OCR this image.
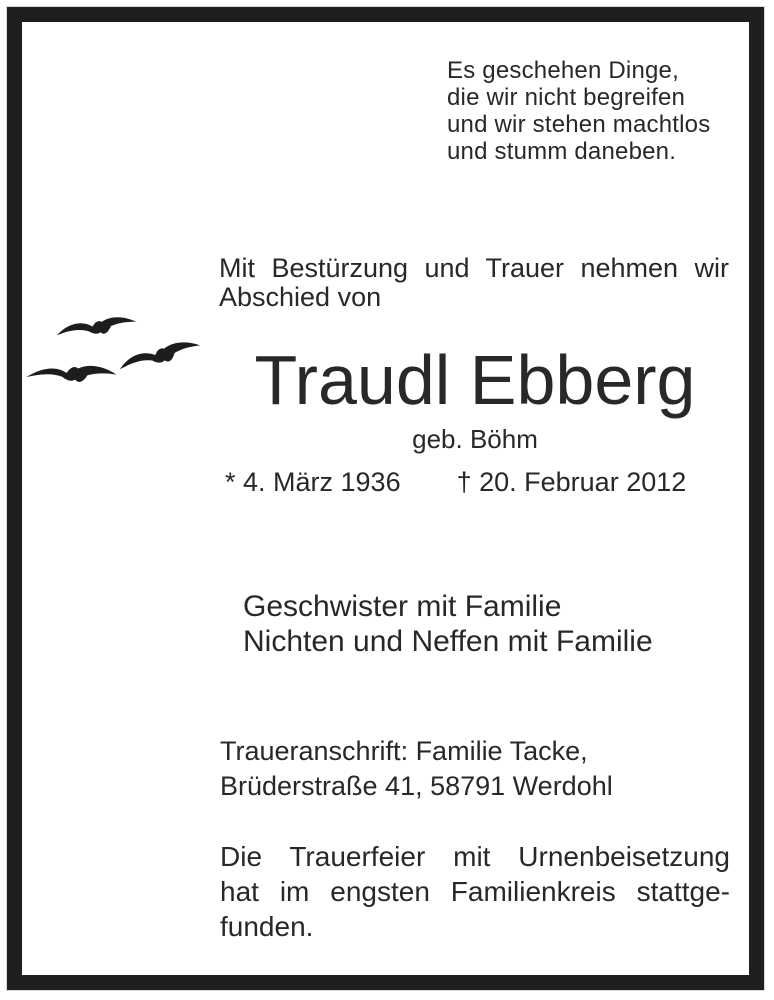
Es geschehen Dinge,
die wir nicht begreifen
und wir stehen machtlos
und stumm daneben.
Mit Bestürzung und Trauer nehmen wir
Abschied von
Traudl Ebberg
geb. Böhm
* 4. März 1936 † 20. Februar 2012
Geschwister mit Familie
Nichten und Neffen mit Familie
Traueranschrift: Familie Tacke,
Brüderstraße 41, 58791 Werdohl
Die Trauerfeier mit Urnenbeisetzung
hat im engsten Familienkreis stattge-
funden.
